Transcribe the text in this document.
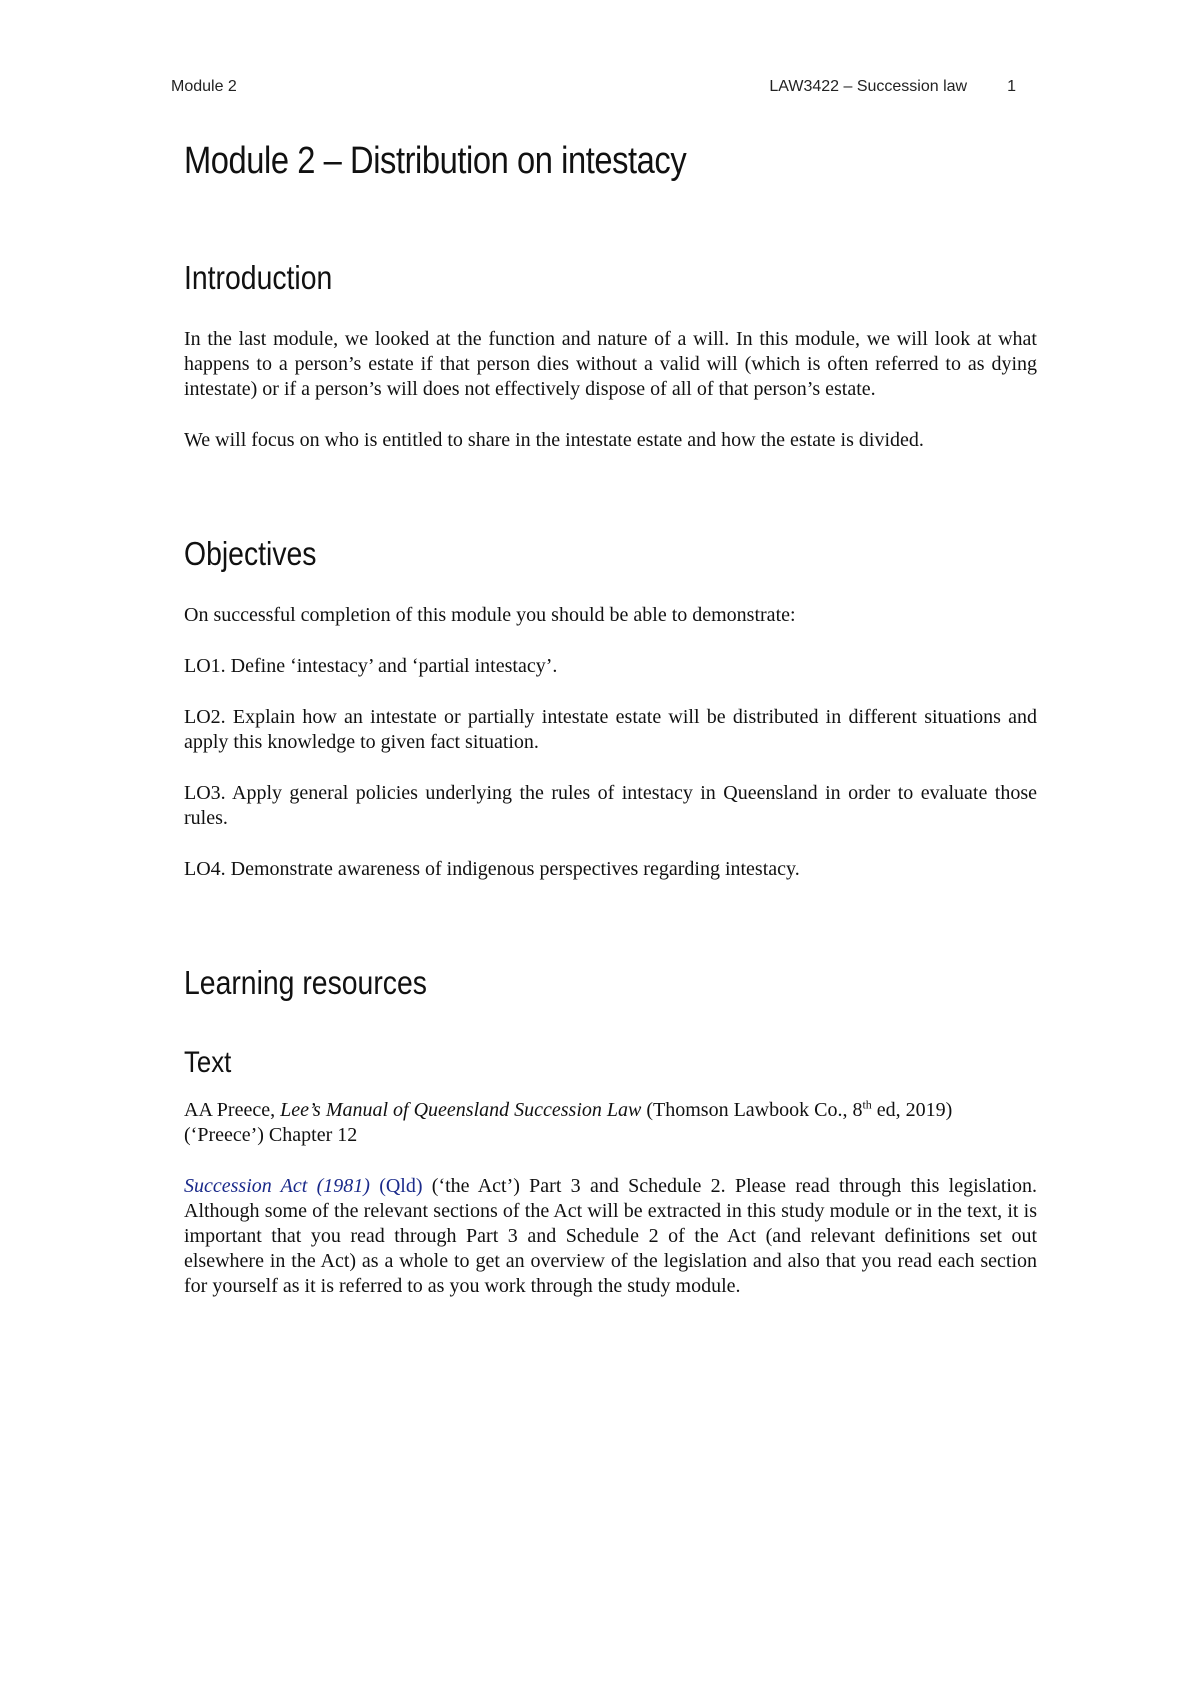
Module 2	LAW3422 – Succession law	1
Module 2 – Distribution on intestacy
Introduction

In the last module, we looked at the function and nature of a will. In this module, we will look at what happens to a person’s estate if that person dies without a valid will (which is often referred to as dying intestate) or if a person’s will does not effectively dispose of all of that person’s estate.

We will focus on who is entitled to share in the intestate estate and how the estate is divided.

Objectives

On successful completion of this module you should be able to demonstrate:

LO1. Define ‘intestacy’ and ‘partial intestacy’.

LO2. Explain how an intestate or partially intestate estate will be distributed in different situations and apply this knowledge to given fact situation.

LO3. Apply general policies underlying the rules of intestacy in Queensland in order to evaluate those rules.

LO4. Demonstrate awareness of indigenous perspectives regarding intestacy.

Learning resources
Text

AA Preece, Lee’s Manual of Queensland Succession Law (Thomson Lawbook Co., 8th ed, 2019) (‘Preece’) Chapter 12

Succession Act (1981) (Qld) (‘the Act’) Part 3 and Schedule 2. Please read through this legislation. Although some of the relevant sections of the Act will be extracted in this study module or in the text, it is important that you read through Part 3 and Schedule 2 of the Act (and relevant definitions set out elsewhere in the Act) as a whole to get an overview of the legislation and also that you read each section for yourself as it is referred to as you work through the study module.
